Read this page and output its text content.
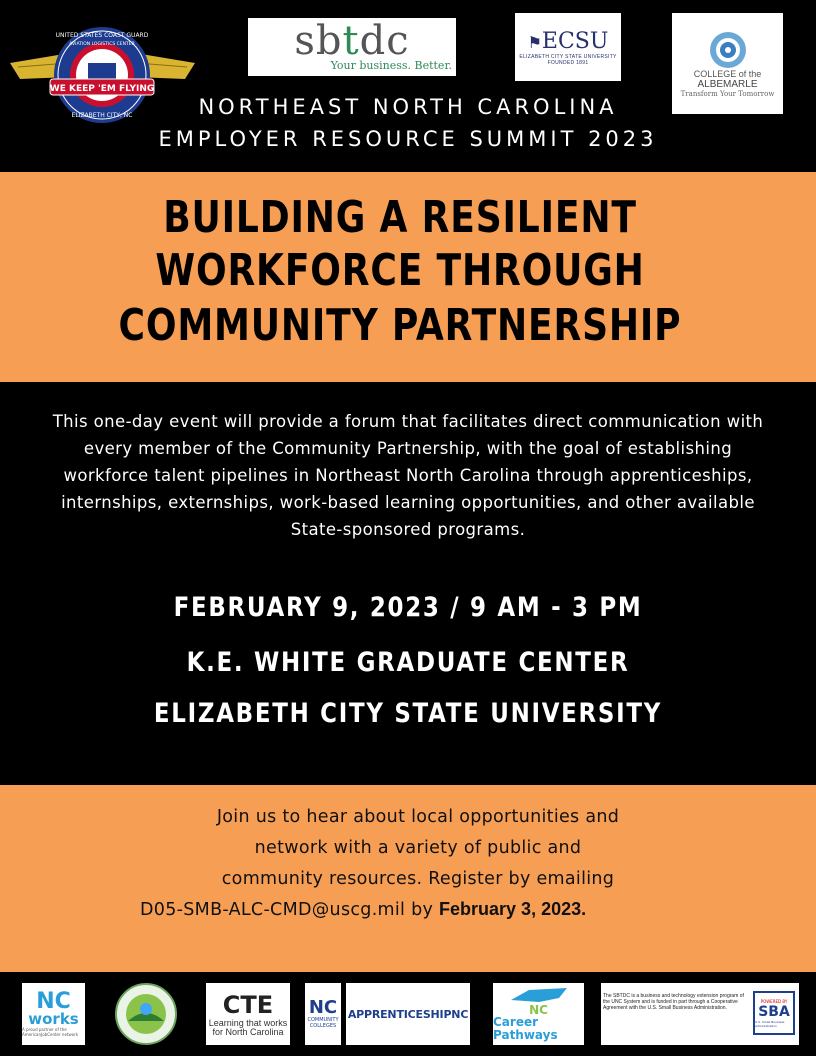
WE KEEP 'EM FLYING
UNITED STATES COAST GUARD
AVIATION LOGISTICS CENTER
ELIZABETH CITY, NC
sbtdc
Your business. Better.
⚑ECSU
ELIZABETH CITY STATE UNIVERSITY
FOUNDED 1891
COLLEGE of the
ALBEMARLE
Transform Your Tomorrow
NORTHEAST NORTH CAROLINA
EMPLOYER RESOURCE SUMMIT 2023
BUILDING A RESILIENT
WORKFORCE THROUGH
COMMUNITY PARTNERSHIP
This one-day event will provide a forum that facilitates direct communication with every member of the Community Partnership, with the goal of establishing workforce talent pipelines in Northeast North Carolina through apprenticeships, internships, externships, work-based learning opportunities, and other available State-sponsored programs.
FEBRUARY 9, 2023 / 9 AM - 3 PM
K.E. WHITE GRADUATE CENTER
ELIZABETH CITY STATE UNIVERSITY
Join us to hear about local opportunities and
network with a variety of public and
community resources. Register by emailing
D05-SMB-ALC-CMD@uscg.mil by February 3, 2023.
NC
works
A proud partner of the AmericanJobCenter network
CTE
Learning that works for North Carolina
NC
COMMUNITY COLLEGES
APPRENTICESHIPNC	NC
Career Pathways
The SBTDC is a business and technology extension program of the UNC System and is funded in part through a Cooperative Agreement with the U.S. Small Business Administration.
POWERED BY
SBA
U.S. Small Business Administration
